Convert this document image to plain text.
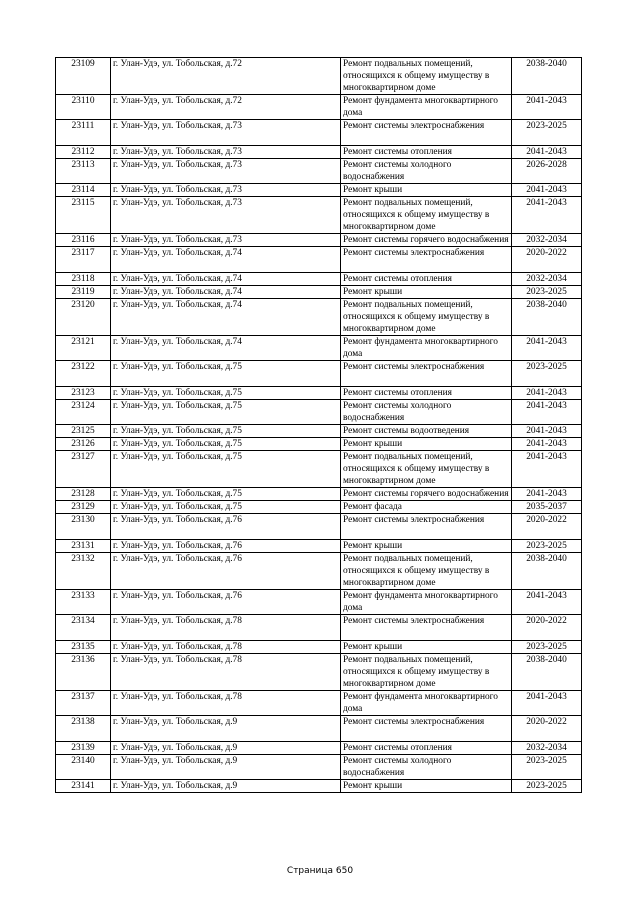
23109	г. Улан-Удэ, ул. Тобольская, д.72	Ремонт подвальных помещений, относящихся к общему имуществу в многоквартирном доме	2038-2040
23110	г. Улан-Удэ, ул. Тобольская, д.72	Ремонт фундамента многоквартирного дома	2041-2043
23111	г. Улан-Удэ, ул. Тобольская, д.73	Ремонт системы электроснабжения	2023-2025
23112	г. Улан-Удэ, ул. Тобольская, д.73	Ремонт системы отопления	2041-2043
23113	г. Улан-Удэ, ул. Тобольская, д.73	Ремонт системы холодного водоснабжения	2026-2028
23114	г. Улан-Удэ, ул. Тобольская, д.73	Ремонт крыши	2041-2043
23115	г. Улан-Удэ, ул. Тобольская, д.73	Ремонт подвальных помещений, относящихся к общему имуществу в многоквартирном доме	2041-2043
23116	г. Улан-Удэ, ул. Тобольская, д.73	Ремонт системы горячего водоснабжения	2032-2034
23117	г. Улан-Удэ, ул. Тобольская, д.74	Ремонт системы электроснабжения	2020-2022
23118	г. Улан-Удэ, ул. Тобольская, д.74	Ремонт системы отопления	2032-2034
23119	г. Улан-Удэ, ул. Тобольская, д.74	Ремонт крыши	2023-2025
23120	г. Улан-Удэ, ул. Тобольская, д.74	Ремонт подвальных помещений, относящихся к общему имуществу в многоквартирном доме	2038-2040
23121	г. Улан-Удэ, ул. Тобольская, д.74	Ремонт фундамента многоквартирного дома	2041-2043
23122	г. Улан-Удэ, ул. Тобольская, д.75	Ремонт системы электроснабжения	2023-2025
23123	г. Улан-Удэ, ул. Тобольская, д.75	Ремонт системы отопления	2041-2043
23124	г. Улан-Удэ, ул. Тобольская, д.75	Ремонт системы холодного водоснабжения	2041-2043
23125	г. Улан-Удэ, ул. Тобольская, д.75	Ремонт системы водоотведения	2041-2043
23126	г. Улан-Удэ, ул. Тобольская, д.75	Ремонт крыши	2041-2043
23127	г. Улан-Удэ, ул. Тобольская, д.75	Ремонт подвальных помещений, относящихся к общему имуществу в многоквартирном доме	2041-2043
23128	г. Улан-Удэ, ул. Тобольская, д.75	Ремонт системы горячего водоснабжения	2041-2043
23129	г. Улан-Удэ, ул. Тобольская, д.75	Ремонт фасада	2035-2037
23130	г. Улан-Удэ, ул. Тобольская, д.76	Ремонт системы электроснабжения	2020-2022
23131	г. Улан-Удэ, ул. Тобольская, д.76	Ремонт крыши	2023-2025
23132	г. Улан-Удэ, ул. Тобольская, д.76	Ремонт подвальных помещений, относящихся к общему имуществу в многоквартирном доме	2038-2040
23133	г. Улан-Удэ, ул. Тобольская, д.76	Ремонт фундамента многоквартирного дома	2041-2043
23134	г. Улан-Удэ, ул. Тобольская, д.78	Ремонт системы электроснабжения	2020-2022
23135	г. Улан-Удэ, ул. Тобольская, д.78	Ремонт крыши	2023-2025
23136	г. Улан-Удэ, ул. Тобольская, д.78	Ремонт подвальных помещений, относящихся к общему имуществу в многоквартирном доме	2038-2040
23137	г. Улан-Удэ, ул. Тобольская, д.78	Ремонт фундамента многоквартирного дома	2041-2043
23138	г. Улан-Удэ, ул. Тобольская, д.9	Ремонт системы электроснабжения	2020-2022
23139	г. Улан-Удэ, ул. Тобольская, д.9	Ремонт системы отопления	2032-2034
23140	г. Улан-Удэ, ул. Тобольская, д.9	Ремонт системы холодного водоснабжения	2023-2025
23141	г. Улан-Удэ, ул. Тобольская, д.9	Ремонт крыши	2023-2025
Страница 650
